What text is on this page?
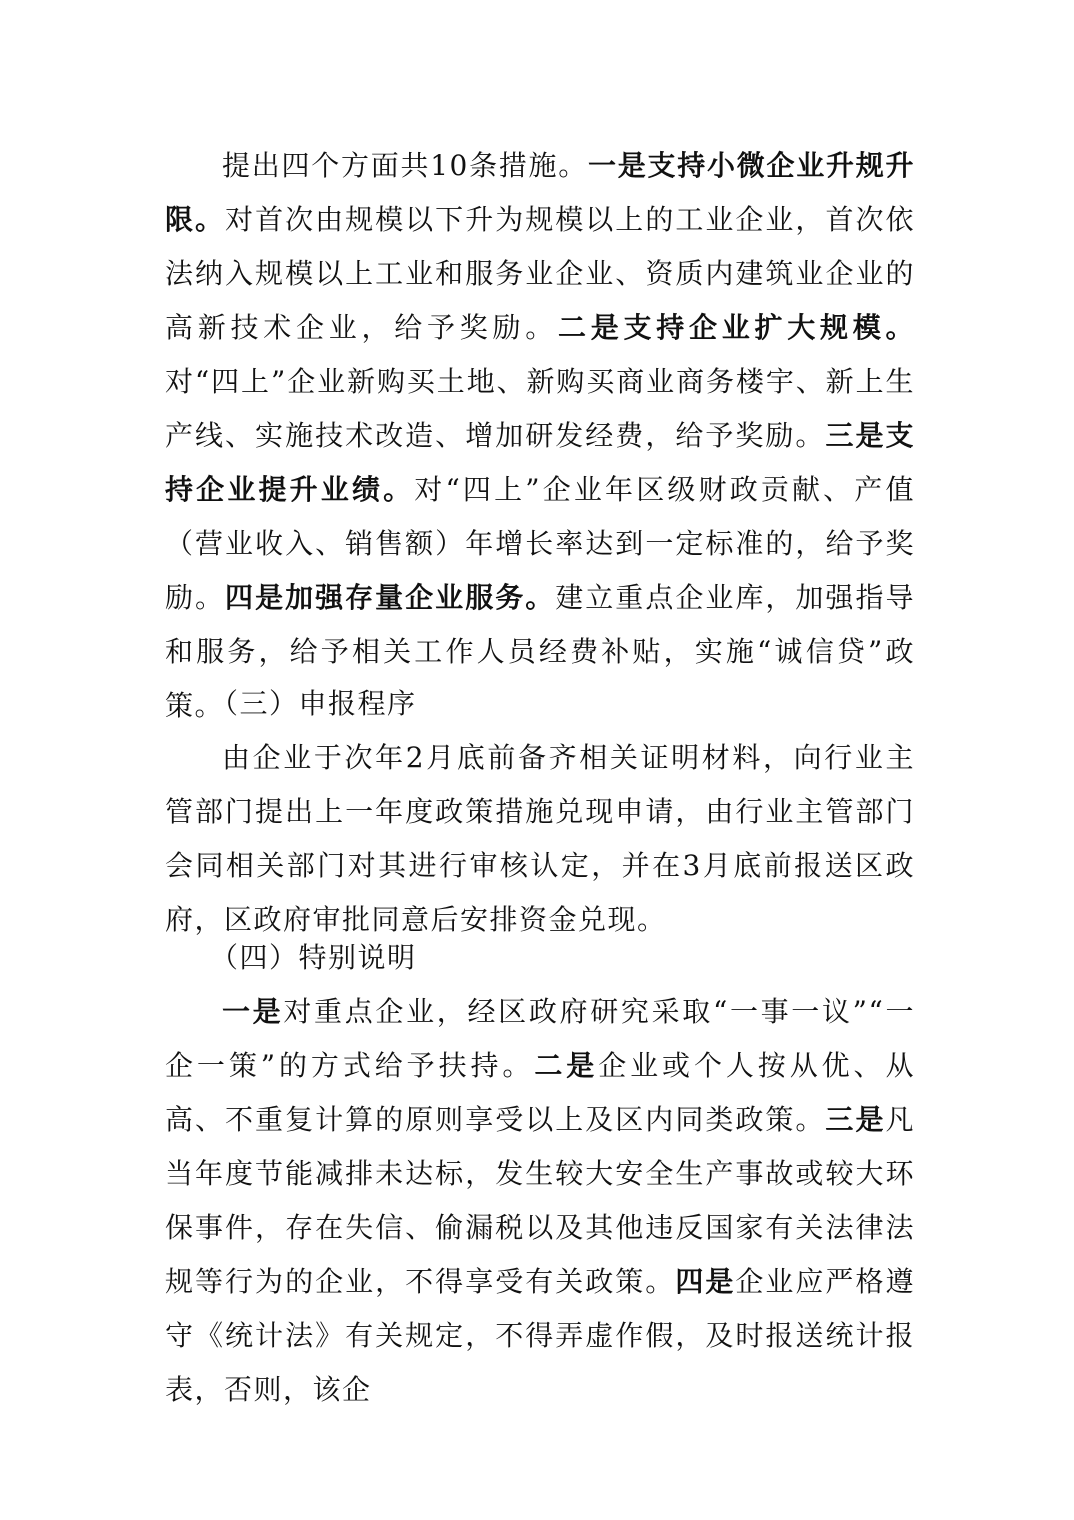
提出四个方面共10条措施。一是支持小微企业升规升限。对首次由规模以下升为规模以上的工业企业，首次依法纳入规模以上工业和服务业企业、资质内建筑业企业的高新技术企业，给予奖励。二是支持企业扩大规模。对“四上”企业新购买土地、新购买商业商务楼宇、新上生产线、实施技术改造、增加研发经费，给予奖励。三是支持企业提升业绩。对“四上”企业年区级财政贡献、产值（营业收入、销售额）年增长率达到一定标准的，给予奖励。四是加强存量企业服务。建立重点企业库，加强指导和服务，给予相关工作人员经费补贴，实施“诚信贷”政策。

（三）申报程序

由企业于次年2月底前备齐相关证明材料，向行业主管部门提出上一年度政策措施兑现申请，由行业主管部门会同相关部门对其进行审核认定，并在3月底前报送区政府，区政府审批同意后安排资金兑现。

（四）特别说明

一是对重点企业，经区政府研究采取“一事一议”“一企一策”的方式给予扶持。二是企业或个人按从优、从高、不重复计算的原则享受以上及区内同类政策。三是凡当年度节能减排未达标，发生较大安全生产事故或较大环保事件，存在失信、偷漏税以及其他违反国家有关法律法规等行为的企业，不得享受有关政策。四是企业应严格遵守《统计法》有关规定，不得弄虚作假，及时报送统计报表，否则，该企
